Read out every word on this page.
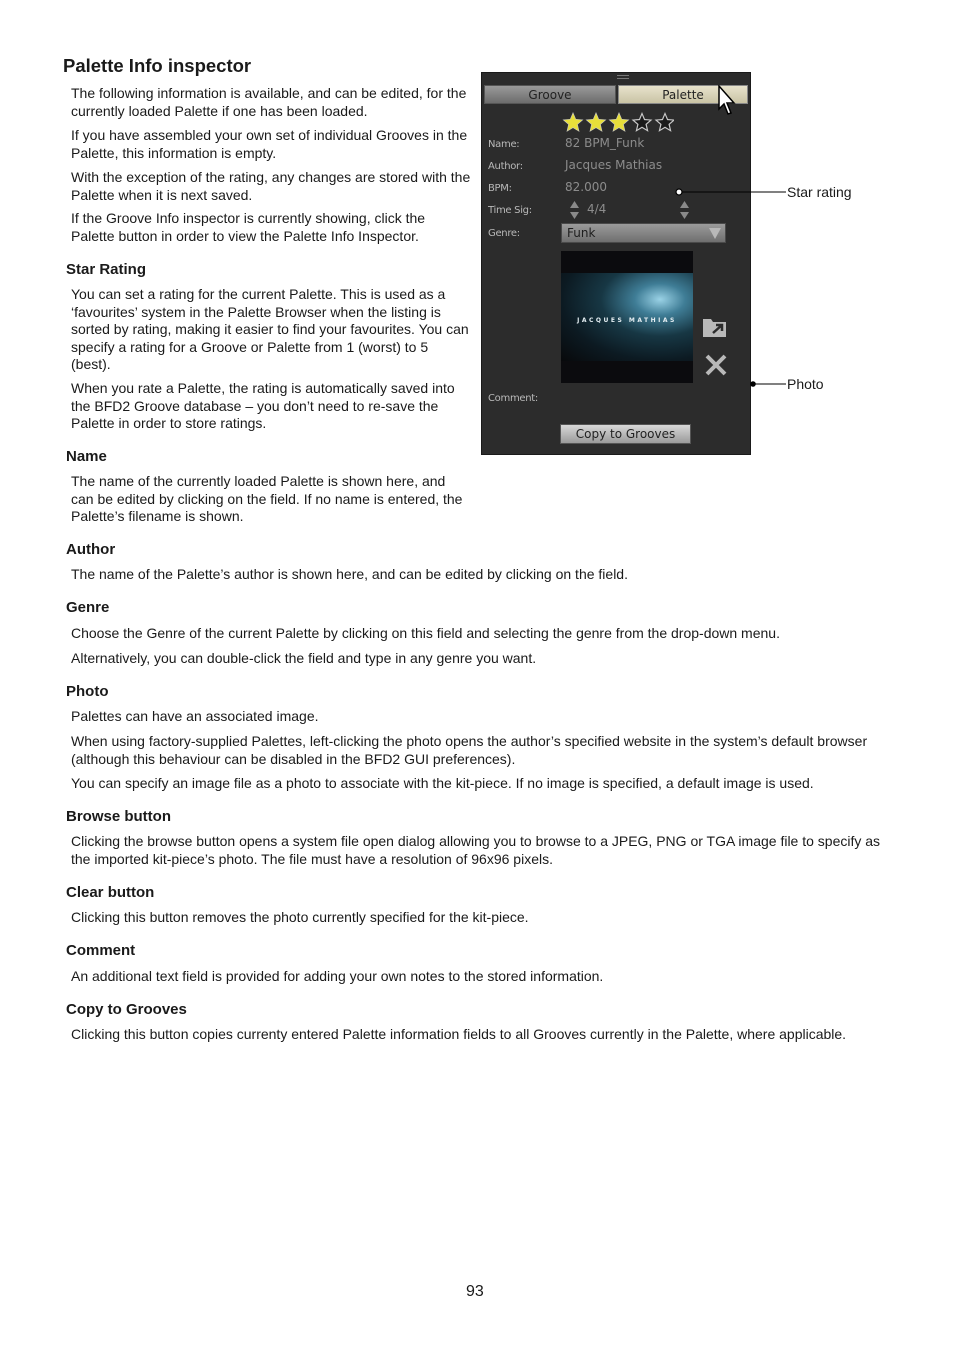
Palette Info inspector
The following information is available, and can be edited, for the currently loaded Palette if one has been loaded.
If you have assembled your own set of individual Grooves in the Palette, this information is empty.
With the exception of the rating, any changes are stored with the Palette when it is next saved.
If the Groove Info inspector is currently showing, click the Palette button in order to view the Palette Info Inspector.
Star Rating
You can set a rating for the current Palette. This is used as a ‘favourites’ system in the Palette Browser when the listing is sorted by rating, making it easier to find your favourites. You can specify a rating for a Groove or Palette from 1 (worst) to 5 (best).
When you rate a Palette, the rating is automatically saved into the BFD2 Groove database – you don’t need to re-save the Palette in order to store ratings.
Name
The name of the currently loaded Palette is shown here, and can be edited by clicking on the field. If no name is entered, the Palette’s filename is shown.
Author
The name of the Palette’s author is shown here, and can be edited by clicking on the field.
Genre
Choose the Genre of the current Palette by clicking on this field and selecting the genre from the drop-down menu.
Alternatively, you can double-click the field and type in any genre you want.
Photo
Palettes can have an associated image.
When using factory-supplied Palettes, left-clicking the photo opens the author’s specified website in the system’s default browser (although this behaviour can be disabled in the BFD2 GUI preferences).
You can specify an image file as a photo to associate with the kit-piece. If no image is specified, a default image is used.
Browse button
Clicking the browse button opens a system file open dialog allowing you to browse to a JPEG, PNG or TGA image file to specify as the imported kit-piece’s photo. The file must have a resolution of 96x96 pixels.
Clear button
Clicking this button removes the photo currently specified for the kit-piece.
Comment
An additional text field is provided for adding your own notes to the stored information.
Copy to Grooves
Clicking this button copies currenty entered Palette information fields to all Grooves currently in the Palette, where applicable.
Groove	Palette
Name:	82 BPM_Funk
Author:	Jacques Mathias
BPM:	82.000
Time Sig:	4/4
Genre:	Funk
JACQUES MATHIAS
Comment:
Copy to Grooves
Star rating
Photo
93
